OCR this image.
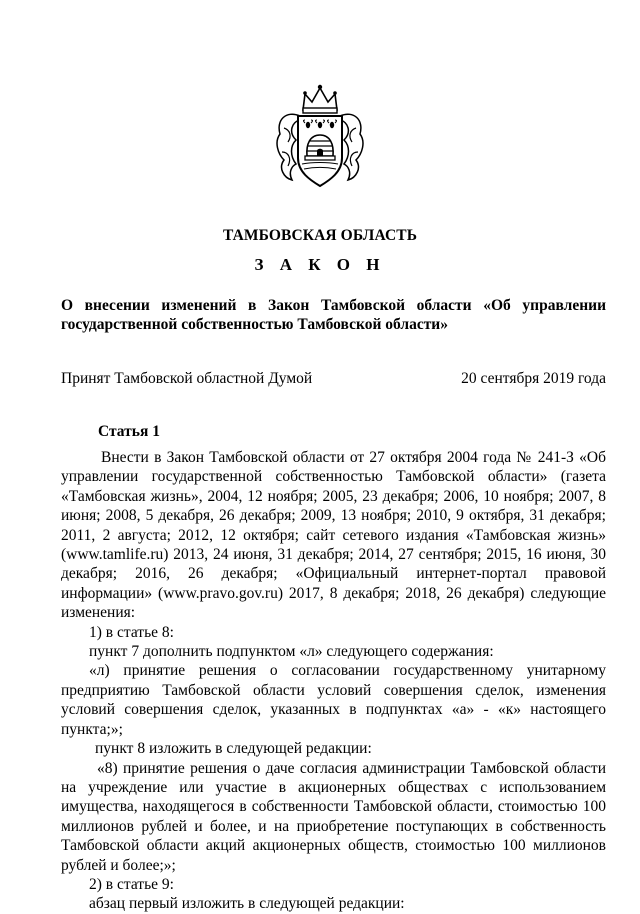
ТАМБОВСКАЯ ОБЛАСТЬ
З А К О Н
О внесении изменений в Закон Тамбовской области «Об управлении государственной собственностью Тамбовской области»
Принят Тамбовской областной Думой	20 сентября 2019 года
Статья 1

Внести в Закон Тамбовской области от 27 октября 2004 года № 241-З «Об управлении государственной собственностью Тамбовской области» (газета «Тамбовская жизнь», 2004, 12 ноября; 2005, 23 декабря; 2006, 10 ноября; 2007, 8 июня; 2008, 5 декабря, 26 декабря; 2009, 13 ноября; 2010, 9 октября, 31 декабря; 2011, 2 августа; 2012, 12 октября; сайт сетевого издания «Тамбовская жизнь» (www.tamlife.ru) 2013, 24 июня, 31 декабря; 2014, 27 сентября; 2015, 16 июня, 30 декабря; 2016, 26 декабря; «Официальный интернет-портал правовой информации» (www.pravo.gov.ru) 2017, 8 декабря; 2018, 26 декабря) следующие изменения:

1) в статье 8:

пункт 7 дополнить подпунктом «л» следующего содержания:

«л) принятие решения о согласовании государственному унитарному предприятию Тамбовской области условий совершения сделок, изменения условий совершения сделок, указанных в подпунктах «а» - «к» настоящего пункта;»;

пункт 8 изложить в следующей редакции:

«8) принятие решения о даче согласия администрации Тамбовской области на учреждение или участие в акционерных обществах с использованием имущества, находящегося в собственности Тамбовской области, стоимостью 100 миллионов рублей и более, и на приобретение поступающих в собственность Тамбовской области акций акционерных обществ, стоимостью 100 миллионов рублей и более;»;

2) в статье 9:

абзац первый изложить в следующей редакции:
